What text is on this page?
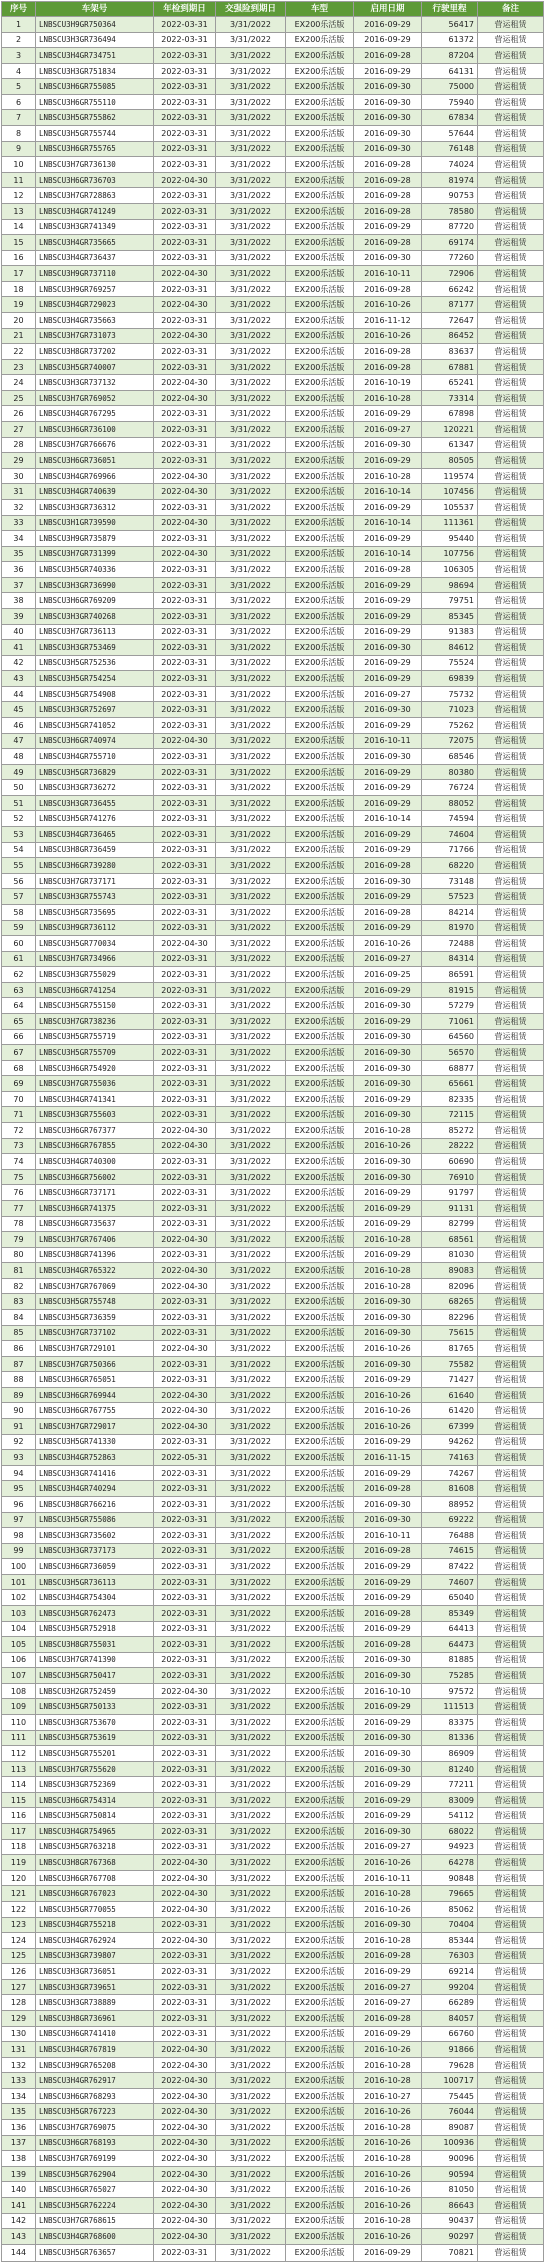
序号	车架号	年检到期日	交强险到期日	车型	启用日期	行驶里程	备注
1	LNBSCU3H9GR750364	2022-03-31	3/31/2022	EX200乐活版	2016-09-29	56417	营运租赁
2	LNBSCU3H3GR736494	2022-03-31	3/31/2022	EX200乐活版	2016-09-29	61372	营运租赁
3	LNBSCU3H4GR734751	2022-03-31	3/31/2022	EX200乐活版	2016-09-28	87204	营运租赁
4	LNBSCU3H3GR751834	2022-03-31	3/31/2022	EX200乐活版	2016-09-29	64131	营运租赁
5	LNBSCU3H6GR755085	2022-03-31	3/31/2022	EX200乐活版	2016-09-30	75000	营运租赁
6	LNBSCU3H6GR755110	2022-03-31	3/31/2022	EX200乐活版	2016-09-30	75940	营运租赁
7	LNBSCU3H5GR755862	2022-03-31	3/31/2022	EX200乐活版	2016-09-30	67834	营运租赁
8	LNBSCU3H5GR755744	2022-03-31	3/31/2022	EX200乐活版	2016-09-30	57644	营运租赁
9	LNBSCU3H6GR755765	2022-03-31	3/31/2022	EX200乐活版	2016-09-30	76148	营运租赁
10	LNBSCU3H7GR736130	2022-03-31	3/31/2022	EX200乐活版	2016-09-28	74024	营运租赁
11	LNBSCU3H6GR736703	2022-04-30	3/31/2022	EX200乐活版	2016-09-28	81974	营运租赁
12	LNBSCU3H7GR728863	2022-03-31	3/31/2022	EX200乐活版	2016-09-28	90753	营运租赁
13	LNBSCU3H4GR741249	2022-03-31	3/31/2022	EX200乐活版	2016-09-28	78580	营运租赁
14	LNBSCU3H3GR741349	2022-03-31	3/31/2022	EX200乐活版	2016-09-29	87720	营运租赁
15	LNBSCU3H4GR735665	2022-03-31	3/31/2022	EX200乐活版	2016-09-28	69174	营运租赁
16	LNBSCU3H4GR736437	2022-03-31	3/31/2022	EX200乐活版	2016-09-30	77260	营运租赁
17	LNBSCU3H9GR737110	2022-04-30	3/31/2022	EX200乐活版	2016-10-11	72906	营运租赁
18	LNBSCU3H9GR769257	2022-03-31	3/31/2022	EX200乐活版	2016-09-28	66242	营运租赁
19	LNBSCU3H4GR729023	2022-04-30	3/31/2022	EX200乐活版	2016-10-26	87177	营运租赁
20	LNBSCU3H4GR735663	2022-03-31	3/31/2022	EX200乐活版	2016-11-12	72647	营运租赁
21	LNBSCU3H7GR731073	2022-04-30	3/31/2022	EX200乐活版	2016-10-26	86452	营运租赁
22	LNBSCU3H8GR737202	2022-03-31	3/31/2022	EX200乐活版	2016-09-28	83637	营运租赁
23	LNBSCU3H5GR740007	2022-03-31	3/31/2022	EX200乐活版	2016-09-28	67881	营运租赁
24	LNBSCU3H3GR737132	2022-04-30	3/31/2022	EX200乐活版	2016-10-19	65241	营运租赁
25	LNBSCU3H7GR769052	2022-04-30	3/31/2022	EX200乐活版	2016-10-28	73314	营运租赁
26	LNBSCU3H4GR767295	2022-03-31	3/31/2022	EX200乐活版	2016-09-29	67898	营运租赁
27	LNBSCU3H6GR736100	2022-03-31	3/31/2022	EX200乐活版	2016-09-27	120221	营运租赁
28	LNBSCU3H7GR766676	2022-03-31	3/31/2022	EX200乐活版	2016-09-30	61347	营运租赁
29	LNBSCU3H6GR736051	2022-03-31	3/31/2022	EX200乐活版	2016-09-29	80505	营运租赁
30	LNBSCU3H4GR769966	2022-04-30	3/31/2022	EX200乐活版	2016-10-28	119574	营运租赁
31	LNBSCU3H4GR740639	2022-04-30	3/31/2022	EX200乐活版	2016-10-14	107456	营运租赁
32	LNBSCU3H3GR736312	2022-03-31	3/31/2022	EX200乐活版	2016-09-29	105537	营运租赁
33	LNBSCU3H1GR739590	2022-04-30	3/31/2022	EX200乐活版	2016-10-14	111361	营运租赁
34	LNBSCU3H9GR735879	2022-03-31	3/31/2022	EX200乐活版	2016-09-29	95440	营运租赁
35	LNBSCU3H7GR731399	2022-04-30	3/31/2022	EX200乐活版	2016-10-14	107756	营运租赁
36	LNBSCU3H5GR740336	2022-03-31	3/31/2022	EX200乐活版	2016-09-28	106305	营运租赁
37	LNBSCU3H3GR736990	2022-03-31	3/31/2022	EX200乐活版	2016-09-29	98694	营运租赁
38	LNBSCU3H6GR769209	2022-03-31	3/31/2022	EX200乐活版	2016-09-29	79751	营运租赁
39	LNBSCU3H3GR740268	2022-03-31	3/31/2022	EX200乐活版	2016-09-29	85345	营运租赁
40	LNBSCU3H7GR736113	2022-03-31	3/31/2022	EX200乐活版	2016-09-29	91383	营运租赁
41	LNBSCU3H3GR753469	2022-03-31	3/31/2022	EX200乐活版	2016-09-30	84612	营运租赁
42	LNBSCU3H5GR752536	2022-03-31	3/31/2022	EX200乐活版	2016-09-29	75524	营运租赁
43	LNBSCU3H5GR754254	2022-03-31	3/31/2022	EX200乐活版	2016-09-29	69839	营运租赁
44	LNBSCU3H5GR754908	2022-03-31	3/31/2022	EX200乐活版	2016-09-27	75732	营运租赁
45	LNBSCU3H3GR752697	2022-03-31	3/31/2022	EX200乐活版	2016-09-30	71023	营运租赁
46	LNBSCU3H5GR741052	2022-03-31	3/31/2022	EX200乐活版	2016-09-29	75262	营运租赁
47	LNBSCU3H6GR740974	2022-04-30	3/31/2022	EX200乐活版	2016-10-11	72075	营运租赁
48	LNBSCU3H4GR755710	2022-03-31	3/31/2022	EX200乐活版	2016-09-30	68546	营运租赁
49	LNBSCU3H5GR736829	2022-03-31	3/31/2022	EX200乐活版	2016-09-29	80380	营运租赁
50	LNBSCU3H3GR736272	2022-03-31	3/31/2022	EX200乐活版	2016-09-29	76724	营运租赁
51	LNBSCU3H3GR736455	2022-03-31	3/31/2022	EX200乐活版	2016-09-29	88052	营运租赁
52	LNBSCU3H5GR741276	2022-03-31	3/31/2022	EX200乐活版	2016-10-14	74594	营运租赁
53	LNBSCU3H4GR736465	2022-03-31	3/31/2022	EX200乐活版	2016-09-29	74604	营运租赁
54	LNBSCU3H8GR736459	2022-03-31	3/31/2022	EX200乐活版	2016-09-29	71766	营运租赁
55	LNBSCU3H6GR739280	2022-03-31	3/31/2022	EX200乐活版	2016-09-28	68220	营运租赁
56	LNBSCU3H7GR737171	2022-03-31	3/31/2022	EX200乐活版	2016-09-30	73148	营运租赁
57	LNBSCU3H3GR755743	2022-03-31	3/31/2022	EX200乐活版	2016-09-29	57523	营运租赁
58	LNBSCU3H5GR735695	2022-03-31	3/31/2022	EX200乐活版	2016-09-28	84214	营运租赁
59	LNBSCU3H9GR736112	2022-03-31	3/31/2022	EX200乐活版	2016-09-29	81970	营运租赁
60	LNBSCU3H5GR770034	2022-04-30	3/31/2022	EX200乐活版	2016-10-26	72488	营运租赁
61	LNBSCU3H7GR734966	2022-03-31	3/31/2022	EX200乐活版	2016-09-27	84314	营运租赁
62	LNBSCU3H3GR755029	2022-03-31	3/31/2022	EX200乐活版	2016-09-25	86591	营运租赁
63	LNBSCU3H6GR741254	2022-03-31	3/31/2022	EX200乐活版	2016-09-29	81915	营运租赁
64	LNBSCU3H5GR755150	2022-03-31	3/31/2022	EX200乐活版	2016-09-30	57279	营运租赁
65	LNBSCU3H7GR738236	2022-03-31	3/31/2022	EX200乐活版	2016-09-29	71061	营运租赁
66	LNBSCU3H5GR755719	2022-03-31	3/31/2022	EX200乐活版	2016-09-30	64560	营运租赁
67	LNBSCU3H5GR755709	2022-03-31	3/31/2022	EX200乐活版	2016-09-30	56570	营运租赁
68	LNBSCU3H6GR754920	2022-03-31	3/31/2022	EX200乐活版	2016-09-30	68877	营运租赁
69	LNBSCU3H7GR755036	2022-03-31	3/31/2022	EX200乐活版	2016-09-30	65661	营运租赁
70	LNBSCU3H4GR741341	2022-03-31	3/31/2022	EX200乐活版	2016-09-29	82335	营运租赁
71	LNBSCU3H3GR755603	2022-03-31	3/31/2022	EX200乐活版	2016-09-30	72115	营运租赁
72	LNBSCU3H6GR767377	2022-04-30	3/31/2022	EX200乐活版	2016-10-28	85272	营运租赁
73	LNBSCU3H6GR767855	2022-04-30	3/31/2022	EX200乐活版	2016-10-26	28222	营运租赁
74	LNBSCU3H4GR740300	2022-03-31	3/31/2022	EX200乐活版	2016-09-30	60690	营运租赁
75	LNBSCU3H6GR756002	2022-03-31	3/31/2022	EX200乐活版	2016-09-30	76910	营运租赁
76	LNBSCU3H6GR737171	2022-03-31	3/31/2022	EX200乐活版	2016-09-29	91797	营运租赁
77	LNBSCU3H6GR741375	2022-03-31	3/31/2022	EX200乐活版	2016-09-29	91131	营运租赁
78	LNBSCU3H6GR735637	2022-03-31	3/31/2022	EX200乐活版	2016-09-29	82799	营运租赁
79	LNBSCU3H7GR767406	2022-04-30	3/31/2022	EX200乐活版	2016-10-28	68561	营运租赁
80	LNBSCU3H8GR741396	2022-03-31	3/31/2022	EX200乐活版	2016-09-29	81030	营运租赁
81	LNBSCU3H4GR765322	2022-04-30	3/31/2022	EX200乐活版	2016-10-28	89083	营运租赁
82	LNBSCU3H7GR767069	2022-04-30	3/31/2022	EX200乐活版	2016-10-28	82096	营运租赁
83	LNBSCU3H5GR755748	2022-03-31	3/31/2022	EX200乐活版	2016-09-30	68265	营运租赁
84	LNBSCU3H5GR736359	2022-03-31	3/31/2022	EX200乐活版	2016-09-30	82296	营运租赁
85	LNBSCU3H7GR737102	2022-03-31	3/31/2022	EX200乐活版	2016-09-30	75615	营运租赁
86	LNBSCU3H7GR729101	2022-04-30	3/31/2022	EX200乐活版	2016-10-26	81765	营运租赁
87	LNBSCU3H7GR750366	2022-03-31	3/31/2022	EX200乐活版	2016-09-30	75582	营运租赁
88	LNBSCU3H6GR765051	2022-03-31	3/31/2022	EX200乐活版	2016-09-29	71427	营运租赁
89	LNBSCU3H6GR769944	2022-04-30	3/31/2022	EX200乐活版	2016-10-26	61640	营运租赁
90	LNBSCU3H6GR767755	2022-04-30	3/31/2022	EX200乐活版	2016-10-26	61420	营运租赁
91	LNBSCU3H7GR729017	2022-04-30	3/31/2022	EX200乐活版	2016-10-26	67399	营运租赁
92	LNBSCU3H5GR741330	2022-03-31	3/31/2022	EX200乐活版	2016-09-29	94262	营运租赁
93	LNBSCU3H4GR752863	2022-05-31	3/31/2022	EX200乐活版	2016-11-15	74163	营运租赁
94	LNBSCU3H3GR741416	2022-03-31	3/31/2022	EX200乐活版	2016-09-29	74267	营运租赁
95	LNBSCU3H4GR740294	2022-03-31	3/31/2022	EX200乐活版	2016-09-28	81608	营运租赁
96	LNBSCU3H8GR766216	2022-03-31	3/31/2022	EX200乐活版	2016-09-30	88952	营运租赁
97	LNBSCU3H5GR755086	2022-03-31	3/31/2022	EX200乐活版	2016-09-30	69222	营运租赁
98	LNBSCU3H3GR735602	2022-03-31	3/31/2022	EX200乐活版	2016-10-11	76488	营运租赁
99	LNBSCU3H3GR737173	2022-03-31	3/31/2022	EX200乐活版	2016-09-28	74615	营运租赁
100	LNBSCU3H6GR736059	2022-03-31	3/31/2022	EX200乐活版	2016-09-29	87422	营运租赁
101	LNBSCU3H5GR736113	2022-03-31	3/31/2022	EX200乐活版	2016-09-29	74607	营运租赁
102	LNBSCU3H4GR754304	2022-03-31	3/31/2022	EX200乐活版	2016-09-29	65040	营运租赁
103	LNBSCU3H5GR762473	2022-03-31	3/31/2022	EX200乐活版	2016-09-28	85349	营运租赁
104	LNBSCU3H5GR752918	2022-03-31	3/31/2022	EX200乐活版	2016-09-29	64413	营运租赁
105	LNBSCU3H8GR755031	2022-03-31	3/31/2022	EX200乐活版	2016-09-28	64473	营运租赁
106	LNBSCU3H7GR741390	2022-03-31	3/31/2022	EX200乐活版	2016-09-30	81885	营运租赁
107	LNBSCU3H5GR750417	2022-03-31	3/31/2022	EX200乐活版	2016-09-30	75285	营运租赁
108	LNBSCU3H2GR752459	2022-04-30	3/31/2022	EX200乐活版	2016-10-10	97572	营运租赁
109	LNBSCU3H5GR750133	2022-03-31	3/31/2022	EX200乐活版	2016-09-29	111513	营运租赁
110	LNBSCU3H3GR753670	2022-03-31	3/31/2022	EX200乐活版	2016-09-29	83375	营运租赁
111	LNBSCU3H5GR753619	2022-03-31	3/31/2022	EX200乐活版	2016-09-30	81336	营运租赁
112	LNBSCU3H5GR755201	2022-03-31	3/31/2022	EX200乐活版	2016-09-30	86909	营运租赁
113	LNBSCU3H7GR755620	2022-03-31	3/31/2022	EX200乐活版	2016-09-30	81240	营运租赁
114	LNBSCU3H3GR752369	2022-03-31	3/31/2022	EX200乐活版	2016-09-29	77211	营运租赁
115	LNBSCU3H6GR754314	2022-03-31	3/31/2022	EX200乐活版	2016-09-29	83009	营运租赁
116	LNBSCU3H5GR750814	2022-03-31	3/31/2022	EX200乐活版	2016-09-29	54112	营运租赁
117	LNBSCU3H4GR754965	2022-03-31	3/31/2022	EX200乐活版	2016-09-30	68022	营运租赁
118	LNBSCU3H5GR763218	2022-03-31	3/31/2022	EX200乐活版	2016-09-27	94923	营运租赁
119	LNBSCU3H8GR767368	2022-04-30	3/31/2022	EX200乐活版	2016-10-26	64278	营运租赁
120	LNBSCU3H6GR767708	2022-04-30	3/31/2022	EX200乐活版	2016-10-11	90848	营运租赁
121	LNBSCU3H6GR767023	2022-04-30	3/31/2022	EX200乐活版	2016-10-28	79665	营运租赁
122	LNBSCU3H5GR770055	2022-04-30	3/31/2022	EX200乐活版	2016-10-26	85062	营运租赁
123	LNBSCU3H4GR755218	2022-03-31	3/31/2022	EX200乐活版	2016-09-30	70404	营运租赁
124	LNBSCU3H4GR762924	2022-04-30	3/31/2022	EX200乐活版	2016-10-28	85344	营运租赁
125	LNBSCU3H3GR739807	2022-03-31	3/31/2022	EX200乐活版	2016-09-28	76303	营运租赁
126	LNBSCU3H3GR736051	2022-03-31	3/31/2022	EX200乐活版	2016-09-29	69214	营运租赁
127	LNBSCU3H3GR739651	2022-03-31	3/31/2022	EX200乐活版	2016-09-27	99204	营运租赁
128	LNBSCU3H3GR738889	2022-03-31	3/31/2022	EX200乐活版	2016-09-27	66289	营运租赁
129	LNBSCU3H8GR736961	2022-03-31	3/31/2022	EX200乐活版	2016-09-28	84057	营运租赁
130	LNBSCU3H6GR741410	2022-03-31	3/31/2022	EX200乐活版	2016-09-29	66760	营运租赁
131	LNBSCU3H4GR767819	2022-04-30	3/31/2022	EX200乐活版	2016-10-26	91866	营运租赁
132	LNBSCU3H9GR765208	2022-04-30	3/31/2022	EX200乐活版	2016-10-28	79628	营运租赁
133	LNBSCU3H4GR762917	2022-04-30	3/31/2022	EX200乐活版	2016-10-28	100717	营运租赁
134	LNBSCU3H6GR768293	2022-04-30	3/31/2022	EX200乐活版	2016-10-27	75445	营运租赁
135	LNBSCU3H5GR767223	2022-04-30	3/31/2022	EX200乐活版	2016-10-26	76044	营运租赁
136	LNBSCU3H7GR769075	2022-04-30	3/31/2022	EX200乐活版	2016-10-28	89087	营运租赁
137	LNBSCU3H6GR768193	2022-04-30	3/31/2022	EX200乐活版	2016-10-26	100936	营运租赁
138	LNBSCU3H7GR769199	2022-04-30	3/31/2022	EX200乐活版	2016-10-28	90096	营运租赁
139	LNBSCU3H5GR762904	2022-04-30	3/31/2022	EX200乐活版	2016-10-26	90594	营运租赁
140	LNBSCU3H6GR765027	2022-04-30	3/31/2022	EX200乐活版	2016-10-26	81050	营运租赁
141	LNBSCU3H5GR762224	2022-04-30	3/31/2022	EX200乐活版	2016-10-26	86643	营运租赁
142	LNBSCU3H7GR768615	2022-04-30	3/31/2022	EX200乐活版	2016-10-28	90437	营运租赁
143	LNBSCU3H4GR768600	2022-04-30	3/31/2022	EX200乐活版	2016-10-26	90297	营运租赁
144	LNBSCU3H5GR763657	2022-03-31	3/31/2022	EX200乐活版	2016-09-29	70821	营运租赁
